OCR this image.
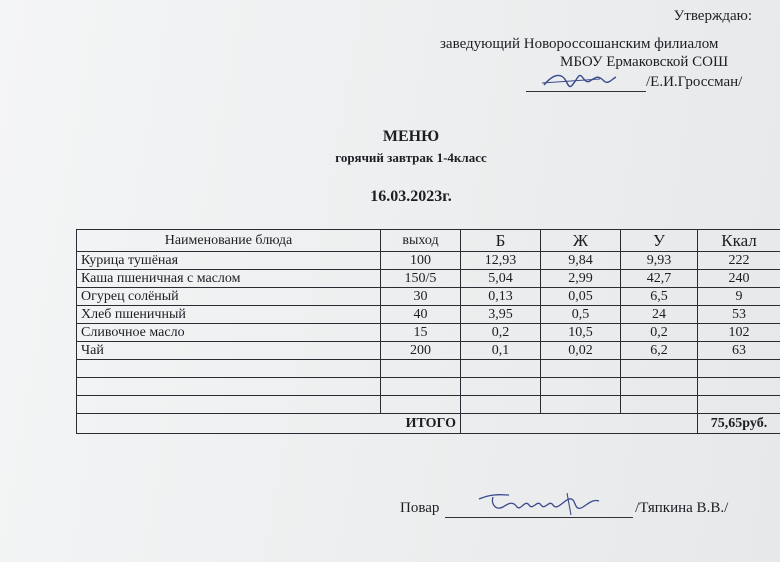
Утверждаю:
заведующий Новороссошанским филиалом
МБОУ Ермаковской СОШ
/Е.И.Гроссман/
МЕНЮ
горячий завтрак 1-4класс
16.03.2023г.
Наименование блюда	выход	Б	Ж	У	Ккал
Курица тушёная	100	12,93	9,84	9,93	222
Каша пшеничная с маслом	150/5	5,04	2,99	42,7	240
Огурец солёный	30	0,13	0,05	6,5	9
Хлеб пшеничный	40	3,95	0,5	24	53
Сливочное масло	15	0,2	10,5	0,2	102
Чай	200	0,1	0,02	6,2	63

ИТОГО					75,65руб.
Повар	/Тяпкина В.В./
